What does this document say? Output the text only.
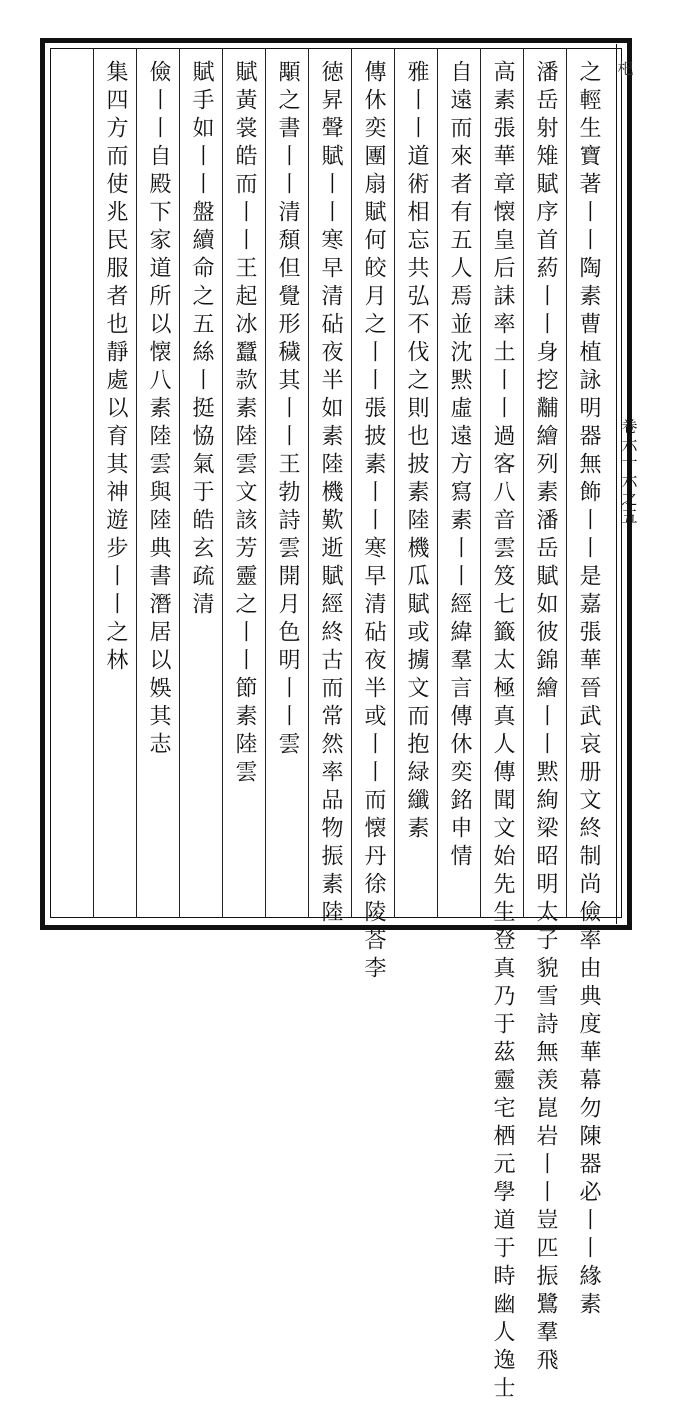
𣏌
卷六十六之五
之輕生寶著丨丨陶素曹植詠明器無飾丨丨是嘉張華晉武哀册文終制尚儉率由典度華幕勿陳器必丨丨緣素
潘岳射雉賦序首葯丨丨身挖黼繪列素潘岳賦如彼錦繪丨丨黙絢梁昭明太子貌雪詩無羡崑岩丨丨豈匹振鷺羣飛
高素張華章懐皇后誄率土丨丨過客八音雲笈七籤太極真人傳聞文始先生登真乃于茲靈宅栖元學道于時幽人逸士
自遠而來者有五人焉並沈黙虛遠方寫素丨丨經緯羣言傳休奕銘申情
雅丨丨道術相忘共弘不伐之則也披素陸機瓜賦或擄文而抱緑纖素
傳休奕團扇賦何皎月之丨丨張披素丨丨寒早清砧夜半或丨丨而懐丹徐陵荅李
徳昇聲賦丨丨寒早清砧夜半如素陸機歎逝賦經終古而常然率品物振素陸
顒之書丨丨清頹但覺形穢其丨丨王勃詩雲開月色明丨丨雲
賦黃裳皓而丨丨王起冰蠶款素陸雲文該芳靈之丨丨節素陸雲
賦手如丨丨盤續命之五絲丨挺恊氣于皓玄疏清
儉丨丨自殿下家道所以懐八素陸雲與陸典書潛居以娛其志
集四方而使兆民服者也靜處以育其神遊步丨丨之林
